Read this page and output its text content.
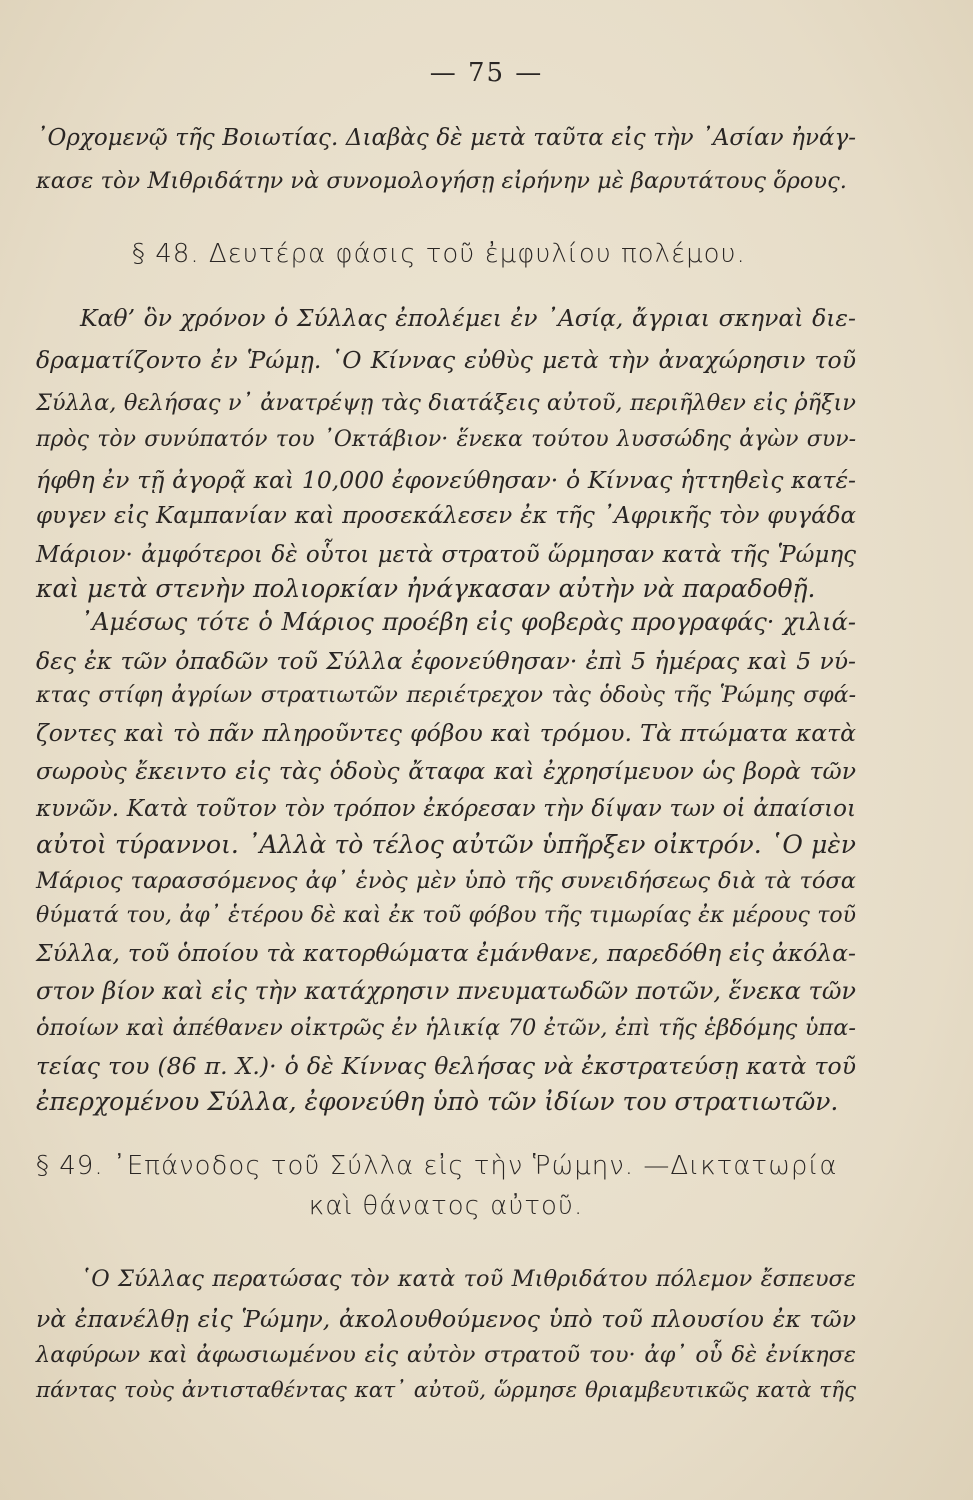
— 75 —
᾿Ορχομενῷ τῆς Βοιωτίας. Διαβὰς δὲ μετὰ ταῦτα εἰς τὴν ᾿Ασίαν ἠνάγ-
κασε τὸν Μιθριδάτην νὰ συνομολογήσῃ εἰρήνην μὲ βαρυτάτους ὅρους.
§ 48. Δευτέρα φάσις τοῦ ἐμφυλίου πολέμου.
Καθ’ ὃν χρόνον ὁ Σύλλας ἐπολέμει ἐν ᾿Ασίᾳ, ἄγριαι σκηναὶ διε-
δραματίζοντο ἐν Ῥώμῃ. ῾Ο Κίννας εὐθὺς μετὰ τὴν ἀναχώρησιν τοῦ
Σύλλα, θελήσας ν᾿ ἀνατρέψῃ τὰς διατάξεις αὐτοῦ, περιῆλθεν εἰς ῥῆξιν
πρὸς τὸν συνύπατόν του ᾿Οκτάβιον· ἕνεκα τούτου λυσσώδης ἀγὼν συν-
ήφθη ἐν τῇ ἀγορᾷ καὶ 10,000 ἐφονεύθησαν· ὁ Κίννας ἡττηθεὶς κατέ-
φυγεν εἰς Καμπανίαν καὶ προσεκάλεσεν ἐκ τῆς ᾿Αφρικῆς τὸν φυγάδα
Μάριον· ἀμφότεροι δὲ οὗτοι μετὰ στρατοῦ ὥρμησαν κατὰ τῆς Ῥώμης
καὶ μετὰ στενὴν πολιορκίαν ἠνάγκασαν αὐτὴν νὰ παραδοθῇ.
᾿Αμέσως τότε ὁ Μάριος προέβη εἰς φοβερὰς προγραφάς· χιλιά-
δες ἐκ τῶν ὀπαδῶν τοῦ Σύλλα ἐφονεύθησαν· ἐπὶ 5 ἡμέρας καὶ 5 νύ-
κτας στίφη ἀγρίων στρατιωτῶν περιέτρεχον τὰς ὁδοὺς τῆς Ῥώμης σφά-
ζοντες καὶ τὸ πᾶν πληροῦντες φόβου καὶ τρόμου. Τὰ πτώματα κατὰ
σωροὺς ἔκειντο εἰς τὰς ὁδοὺς ἄταφα καὶ ἐχρησίμευον ὡς βορὰ τῶν
κυνῶν. Κατὰ τοῦτον τὸν τρόπον ἐκόρεσαν τὴν δίψαν των οἱ ἀπαίσιοι
αὐτοὶ τύραννοι. ᾿Αλλὰ τὸ τέλος αὐτῶν ὑπῆρξεν οἰκτρόν. ῾Ο μὲν
Μάριος ταρασσόμενος ἀφ᾿ ἑνὸς μὲν ὑπὸ τῆς συνειδήσεως διὰ τὰ τόσα
θύματά του, ἀφ᾿ ἑτέρου δὲ καὶ ἐκ τοῦ φόβου τῆς τιμωρίας ἐκ μέρους τοῦ
Σύλλα, τοῦ ὁποίου τὰ κατορθώματα ἐμάνθανε, παρεδόθη εἰς ἀκόλα-
στον βίον καὶ εἰς τὴν κατάχρησιν πνευματωδῶν ποτῶν, ἕνεκα τῶν
ὁποίων καὶ ἀπέθανεν οἰκτρῶς ἐν ἡλικίᾳ 70 ἐτῶν, ἐπὶ τῆς ἑβδόμης ὑπα-
τείας του (86 π. Χ.)· ὁ δὲ Κίννας θελήσας νὰ ἐκστρατεύσῃ κατὰ τοῦ
ἐπερχομένου Σύλλα, ἐφονεύθη ὑπὸ τῶν ἰδίων του στρατιωτῶν.
§ 49. ᾿Επάνοδος τοῦ Σύλλα εἰς τὴν Ῥώμην. —Δικτατωρία
καὶ θάνατος αὐτοῦ.
῾Ο Σύλλας περατώσας τὸν κατὰ τοῦ Μιθριδάτου πόλεμον ἔσπευσε
νὰ ἐπανέλθῃ εἰς Ῥώμην, ἀκολουθούμενος ὑπὸ τοῦ πλουσίου ἐκ τῶν
λαφύρων καὶ ἀφωσιωμένου εἰς αὐτὸν στρατοῦ του· ἀφ᾿ οὗ δὲ ἐνίκησε
πάντας τοὺς ἀντισταθέντας κατ᾿ αὐτοῦ, ὥρμησε θριαμβευτικῶς κατὰ τῆς
